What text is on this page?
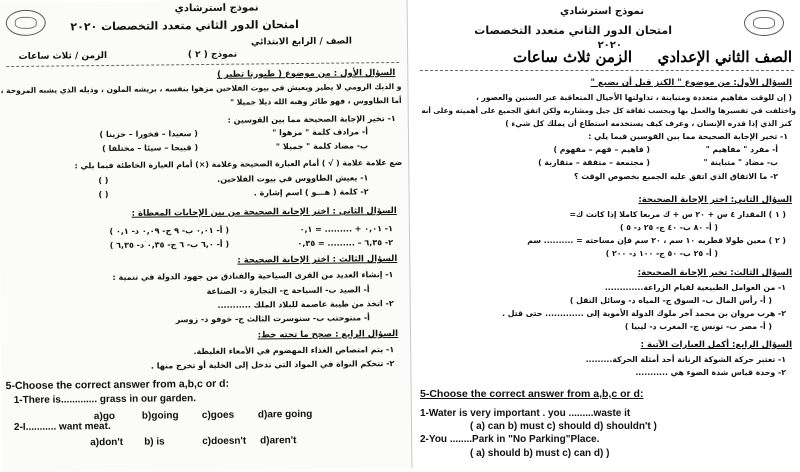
نموذج استرشادي
امتحان الدور الثاني متعدد التخصصات ٢٠٢٠
الصف / الرابع الابتدائي
نموذج ( ٢ )
الزمن / ثلاث ساعات
السؤال الأول : من موضوع ( طيورنا تطير )
و الديك الرومي لا يطير ويعيش في بيوت الفلاحين مزهوا بنفسه ، بريشه الملون ، وذيله الذي يشبه المروحة ،
أما الطاووس ، فهو طائر وهبه الله ذيلا جميلا "
١- تخير الإجابة الصحيحة مما بين القوسين :
أ- مرادف كلمة " مزهوا "
ب- مضاد كلمة " جميلا "
( سعيدا – فخورا – حزينا )
( قبيحا – سيئا – مختلفا )
ضع علامة علامة ( √ ) أمام العبارة الصحيحة وعلامة (×) أمام العبارة الخاطئة فيما يلي :
١- يعيش الطاووس في بيوت الفلاحين.
٢- كلمة ( هـــو ) اسم إشارة .
( )
( )
السؤال الثاني : اختر الإجابة الصحيحة من بين الإجابات المعطاة :
١- ٠,٠١ + ......... = ٠,١
( أ- ٠,٠١ ب- ٩ ج- ٠,٠٩ د- ٠,١ )
٢- ٦,٣٥ – ......... = ٠,٣٥
( أ- ٦,٠ ب- ٦ ج- ٠,٣٥ د- ٦,٣٥ )
السؤال الثالث : اختر الإجابة الصحيحة :
١- إنشاء العديد من القرى السياحية والفنادق من جهود الدولة في تنمية :
أ- الصيد ب- السياحة ج- التجارة د- الصناعة
٢- اتخذ من طيبة عاصمة للبلاد الملك ...........
أ- منتوحتب ب- سنوسرت الثالث ج- خوفو د- زوسر
السؤال الرابع : صحح ما تحته خط:
١- يتم امتصاص الغذاء المهضوم في الأمعاء الغليظة.
٢- تتحكم النواة في المواد التي تدخل إلى الخلية أو تخرج منها .
5-Choose the correct answer from a,b,c or d:
1-There is............. grass in our garden.
a)go	b)going c)goes d)are going
2-I........... want meat.
a)don't b) is	c)doesn't d)aren't
نموذج استرشادي
امتحان الدور الثاني متعدد التخصصات
٢٠٢٠
الصف الثاني الإعدادي
الزمن ثلاث ساعات
السؤال الأول: من موضوع " الكنز قبل أن يضيع "
( إن للوقت مفاهيم متعددة ومتباينة ، تداولتها الأجيال المتعاقبة عبر السنين والعصور ،
واختلفت في تفسيرها والعمل بها وبحسب ثقافة كل جيل ومشاربه ولكن اتفق الجميع على أهميته وعلى أنه
كنز الذي إذا قدره الإنسان ، وعرف كيف يستخدمه استطاع أن يملك كل شيء )
١- تخير الإجابة الصحيحة مما بين القوسين فيما يلي :
أ- مفرد " مفاهيم "
( فاهيم – فهم – مفهوم )
ب- مضاد " متباينة "
( مجتمعة – متفقة – متقاربة )
٢- ما الاتفاق الذي اتفق عليه الجميع بخصوص الوقت ؟
السؤال الثاني: اختر الإجابة الصحيحة:
( ١ ) المقدار ٤ س + ٢٠ س + ك مربعا كاملا إذا كانت ك=
( أ- ٨٠ ب- ٤٠ ج- ٢٥ د- ٥ )
( ٢ ) معين طولا قطريه ١٠ سم ، ٢٠ سم فإن مساحته = .......... سم
( أ- ٢٥ ب- ٥٠ ج- ١٠٠ د- ٢٠٠ )
السؤال الثالث: تخير الإجابة الصحيحة:
١- من العوامل الطبيعية لقيام الزراعة.............
( أ- رأس المال ب- السوق ج- المياه د- وسائل النقل )
٢- هرب مروان بن محمد آخر ملوك الدولة الأموية إلى ............. حتى قتل .
( أ- مصر ب- تونس ج- المغرب د- ليبيا )
السؤال الرابع: أكمل العبارات الآتية :
١- تعتبر حركة الشوكة الرنانة أحد أمثلة الحركة.........
٢- وحدة قياس شدة الضوء هي ...........
5-Choose the correct answer from a,b,c or d:
1-Water is very important . you .........waste it
( a) can b) must c) should d) shouldn't )
2-You ........Park in "No Parking"Place.
( a) should b) must c) can d) )
